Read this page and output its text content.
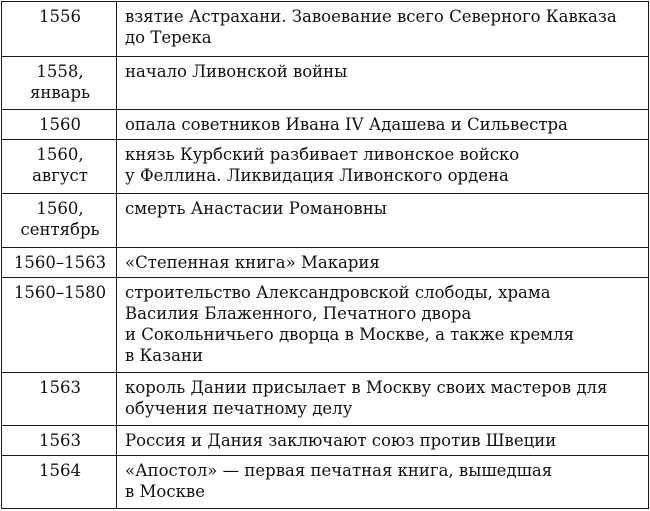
1556	взятие Астрахани. Завоевание всего Северного Кавказа
до Терека

1558,
январь	начало Ливонской войны

1560	опала советников Ивана IV Адашева и Сильвестра

1560,
август	князь Курбский разбивает ливонское войско
у Феллина. Ликвидация Ливонского ордена

1560,
сентябрь	смерть Анастасии Романовны

1560–1563	«Степенная книга» Макария

1560–1580	строительство Александровской слободы, храма
Василия Блаженного, Печатного двора
и Сокольничьего дворца в Москве, а также кремля
в Казани

1563	король Дании присылает в Москву своих мастеров для
обучения печатному делу

1563	Россия и Дания заключают союз против Швеции

1564	«Апостол» — первая печатная книга, вышедшая
в Москве
